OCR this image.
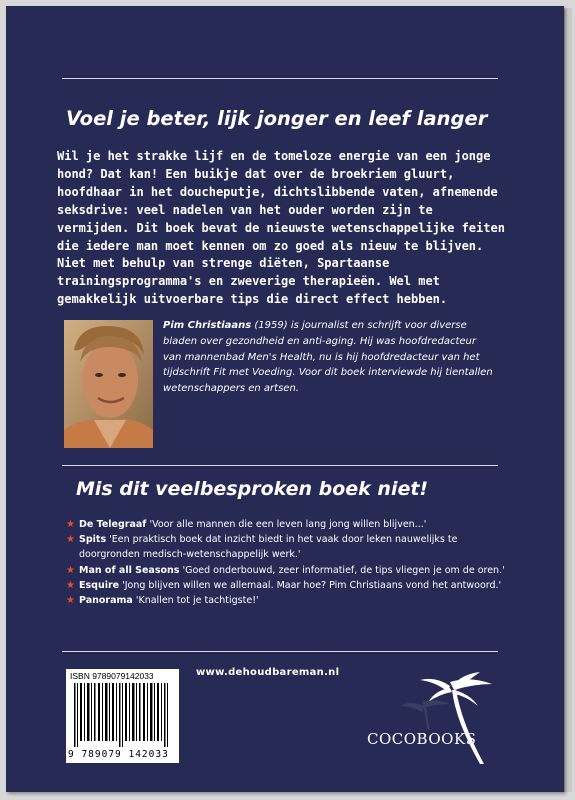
Voel je beter, lijk jonger en leef langer
Wil je het strakke lijf en de tomeloze energie van een jonge hond? Dat kan! Een buikje dat over de broekriem gluurt, hoofdhaar in het doucheputje, dichtslibbende vaten, afnemende seksdrive: veel nadelen van het ouder worden zijn te vermijden. Dit boek bevat de nieuwste wetenschappelijke feiten die iedere man moet kennen om zo goed als nieuw te blijven. Niet met behulp van strenge diëten, Spartaanse trainingsprogramma's en zweverige therapieën. Wel met gemakkelijk uitvoerbare tips die direct effect hebben.
Pim Christiaans (1959) is journalist en schrijft voor diverse bladen over gezondheid en anti-aging. Hij was hoofdredacteur van mannenbad Men's Health, nu is hij hoofdredacteur van het tijdschrift Fit met Voeding. Voor dit boek interviewde hij tientallen wetenschappers en artsen.
Mis dit veelbesproken boek niet!
★ De Telegraaf 'Voor alle mannen die een leven lang jong willen blijven...'
★ Spits 'Een praktisch boek dat inzicht biedt in het vaak door leken nauwelijks te doorgronden medisch-wetenschappelijk werk.'
★ Man of all Seasons 'Goed onderbouwd, zeer informatief, de tips vliegen je om de oren.'
★ Esquire 'Jong blijven willen we allemaal. Maar hoe? Pim Christiaans vond het antwoord.'
★ Panorama 'Knallen tot je tachtigste!'
ISBN 9789079142033
9 789079 142033
www.dehoudbareman.nl
COCOBOOKS
